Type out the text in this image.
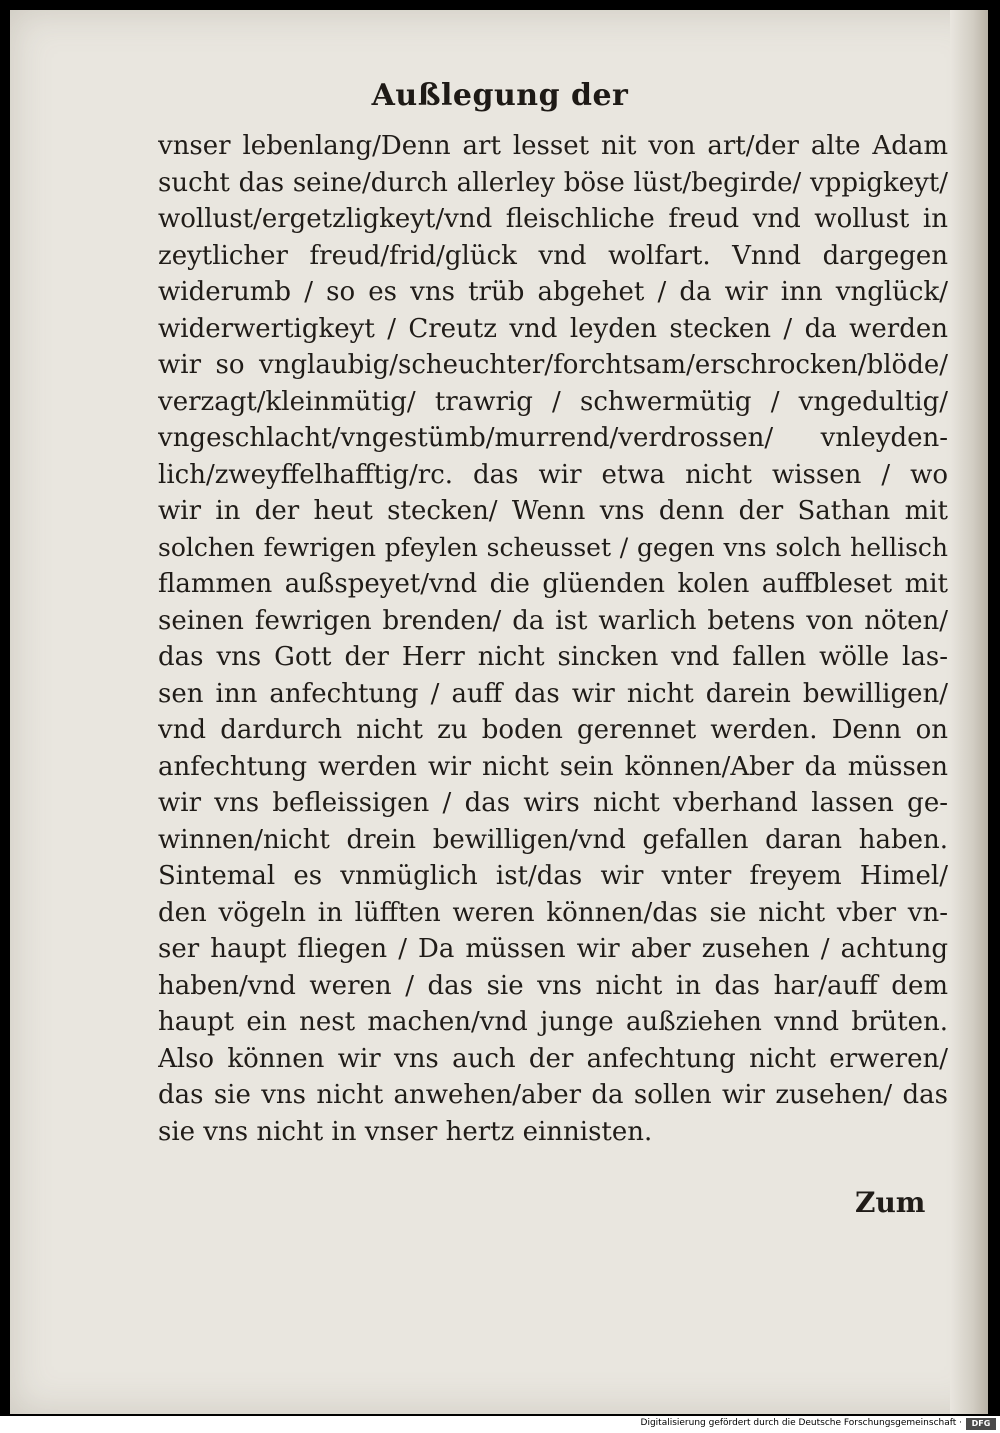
Außlegung der
vnser lebenlang/Denn art lesset nit von art/der alte Adam
sucht das seine/durch allerley böse lüst/begirde/ vppigkeyt/
wollust/ergetzligkeyt/vnd fleischliche freud vnd wollust in
zeytlicher freud/frid/glück vnd wolfart. Vnnd dargegen
widerumb / so es vns trüb abgehet / da wir inn vnglück/
widerwertigkeyt / Creutz vnd leyden stecken / da werden
wir so vnglaubig/scheuchter/forchtsam/erschrocken/blöde/
verzagt/kleinmütig/ trawrig / schwermütig / vngedultig/
vngeschlacht/vngestümb/murrend/verdrossen/ vnleyden-
lich/zweyffelhafftig/rc. das wir etwa nicht wissen / wo
wir in der heut stecken/ Wenn vns denn der Sathan mit
solchen fewrigen pfeylen scheusset / gegen vns solch hellisch
flammen außspeyet/vnd die glüenden kolen auffbleset mit
seinen fewrigen brenden/ da ist warlich betens von nöten/
das vns Gott der Herr nicht sincken vnd fallen wölle las-
sen inn anfechtung / auff das wir nicht darein bewilligen/
vnd dardurch nicht zu boden gerennet werden. Denn on
anfechtung werden wir nicht sein können/Aber da müssen
wir vns befleissigen / das wirs nicht vberhand lassen ge-
winnen/nicht drein bewilligen/vnd gefallen daran haben.
Sintemal es vnmüglich ist/das wir vnter freyem Himel/
den vögeln in lüfften weren können/das sie nicht vber vn-
ser haupt fliegen / Da müssen wir aber zusehen / achtung
haben/vnd weren / das sie vns nicht in das har/auff dem
haupt ein nest machen/vnd junge außziehen vnnd brüten.
Also können wir vns auch der anfechtung nicht erweren/
das sie vns nicht anwehen/aber da sollen wir zusehen/ das
sie vns nicht in vnser hertz einnisten.
Zum
Digitalisierung gefördert durch die Deutsche Forschungsgemeinschaft ·	DFG
